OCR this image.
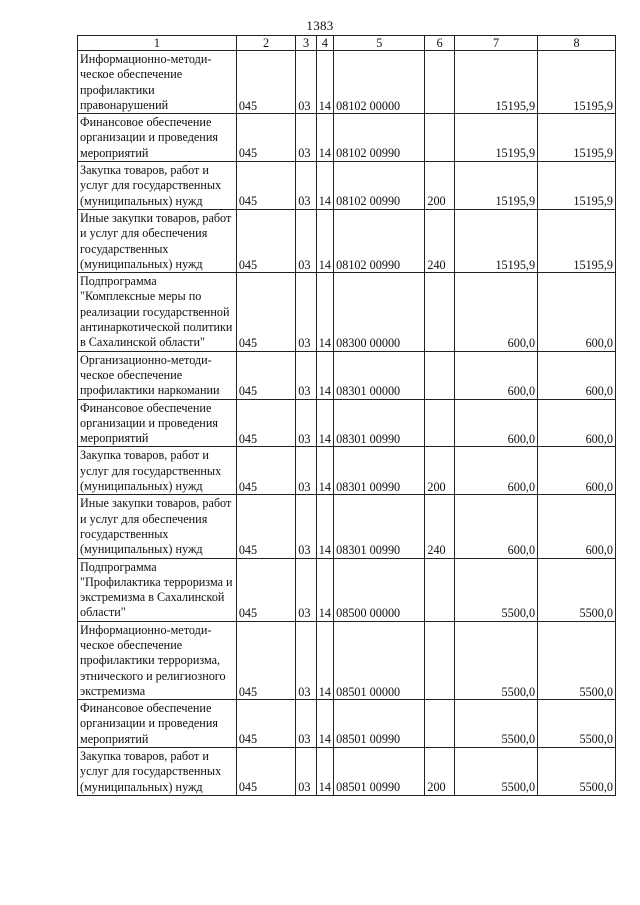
1383
1	2	3	4	5	6	7	8
Информационно-методи-ческое обеспечение профилактики правонарушений	045	03	14	08102 00000		15195,9	15195,9
Финансовое обеспечение организации и проведения мероприятий	045	03	14	08102 00990		15195,9	15195,9
Закупка товаров, работ и услуг для государственных (муниципальных) нужд	045	03	14	08102 00990	200	15195,9	15195,9
Иные закупки товаров, работ и услуг для обеспечения государственных (муниципальных) нужд	045	03	14	08102 00990	240	15195,9	15195,9
Подпрограмма "Комплексные меры по реализации государственной антинаркотической политики в Сахалинской области"	045	03	14	08300 00000		600,0	600,0
Организационно-методи-ческое обеспечение профилактики наркомании	045	03	14	08301 00000		600,0	600,0
Финансовое обеспечение организации и проведения мероприятий	045	03	14	08301 00990		600,0	600,0
Закупка товаров, работ и услуг для государственных (муниципальных) нужд	045	03	14	08301 00990	200	600,0	600,0
Иные закупки товаров, работ и услуг для обеспечения государственных (муниципальных) нужд	045	03	14	08301 00990	240	600,0	600,0
Подпрограмма "Профилактика терроризма и экстремизма в Сахалинской области"	045	03	14	08500 00000		5500,0	5500,0
Информационно-методи-ческое обеспечение профилактики терроризма, этнического и религиозного экстремизма	045	03	14	08501 00000		5500,0	5500,0
Финансовое обеспечение организации и проведения мероприятий	045	03	14	08501 00990		5500,0	5500,0
Закупка товаров, работ и услуг для государственных (муниципальных) нужд	045	03	14	08501 00990	200	5500,0	5500,0
